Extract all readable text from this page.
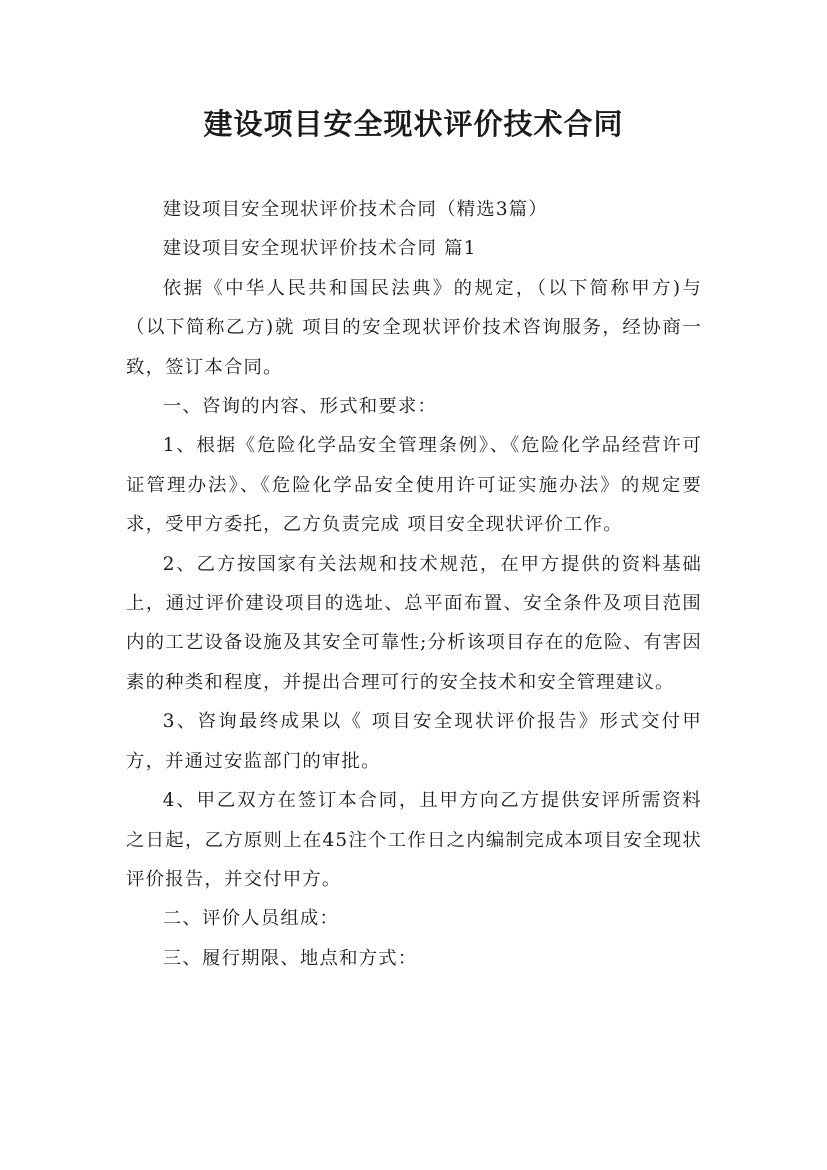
建设项目安全现状评价技术合同

建设项目安全现状评价技术合同（精选3篇）

建设项目安全现状评价技术合同 篇1

依据《中华人民共和国民法典》的规定，（以下简称甲方)与（以下简称乙方)就 项目的安全现状评价技术咨询服务，经协商一致，签订本合同。

一、咨询的内容、形式和要求：

1、根据《危险化学品安全管理条例》、《危险化学品经营许可证管理办法》、《危险化学品安全使用许可证实施办法》的规定要求，受甲方委托，乙方负责完成 项目安全现状评价工作。

2、乙方按国家有关法规和技术规范，在甲方提供的资料基础上，通过评价建设项目的选址、总平面布置、安全条件及项目范围内的工艺设备设施及其安全可靠性;分析该项目存在的危险、有害因素的种类和程度，并提出合理可行的安全技术和安全管理建议。

3、咨询最终成果以《 项目安全现状评价报告》形式交付甲方，并通过安监部门的审批。

4、甲乙双方在签订本合同，且甲方向乙方提供安评所需资料之日起，乙方原则上在45注个工作日之内编制完成本项目安全现状评价报告，并交付甲方。

二、评价人员组成：

三、履行期限、地点和方式：
